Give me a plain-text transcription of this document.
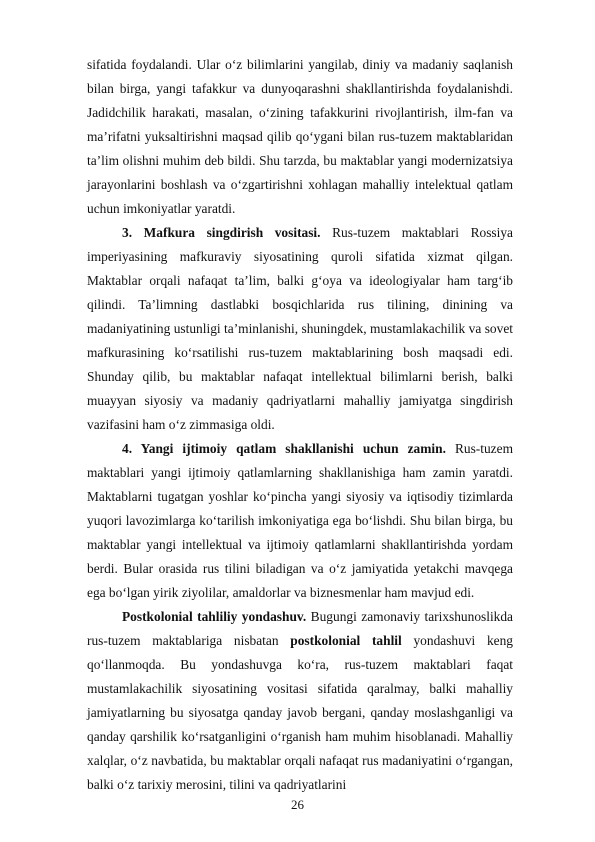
sifatida foydalandi. Ular o‘z bilimlarini yangilab, diniy va madaniy saqlanish bilan birga, yangi tafakkur va dunyoqarashni shakllantirishda foydalanishdi. Jadidchilik harakati, masalan, o‘zining tafakkurini rivojlantirish, ilm-fan va ma’rifatni yuksaltirishni maqsad qilib qo‘ygani bilan rus-tuzem maktablaridan ta’lim olishni muhim deb bildi. Shu tarzda, bu maktablar yangi modernizatsiya jarayonlarini boshlash va o‘zgartirishni xohlagan mahalliy intelektual qatlam uchun imkoniyatlar yaratdi.

3. Mafkura singdirish vositasi. Rus-tuzem maktablari Rossiya imperiyasining mafkuraviy siyosatining quroli sifatida xizmat qilgan. Maktablar orqali nafaqat ta’lim, balki g‘oya va ideologiyalar ham targ‘ib qilindi. Ta’limning dastlabki bosqichlarida rus tilining, dinining va madaniyatining ustunligi ta’minlanishi, shuningdek, mustamlakachilik va sovet mafkurasining ko‘rsatilishi rus-tuzem maktablarining bosh maqsadi edi. Shunday qilib, bu maktablar nafaqat intellektual bilimlarni berish, balki muayyan siyosiy va madaniy qadriyatlarni mahalliy jamiyatga singdirish vazifasini ham o‘z zimmasiga oldi.

4. Yangi ijtimoiy qatlam shakllanishi uchun zamin. Rus-tuzem maktablari yangi ijtimoiy qatlamlarning shakllanishiga ham zamin yaratdi. Maktablarni tugatgan yoshlar ko‘pincha yangi siyosiy va iqtisodiy tizimlarda yuqori lavozimlarga ko‘tarilish imkoniyatiga ega bo‘lishdi. Shu bilan birga, bu maktablar yangi intellektual va ijtimoiy qatlamlarni shakllantirishda yordam berdi. Bular orasida rus tilini biladigan va o‘z jamiyatida yetakchi mavqega ega bo‘lgan yirik ziyolilar, amaldorlar va biznesmenlar ham mavjud edi.

Postkolonial tahliliy yondashuv. Bugungi zamonaviy tarixshunoslikda rus-tuzem maktablariga nisbatan postkolonial tahlil yondashuvi keng qo‘llanmoqda. Bu yondashuvga ko‘ra, rus-tuzem maktablari faqat mustamlakachilik siyosatining vositasi sifatida qaralmay, balki mahalliy jamiyatlarning bu siyosatga qanday javob bergani, qanday moslashganligi va qanday qarshilik ko‘rsatganligini o‘rganish ham muhim hisoblanadi. Mahalliy xalqlar, o‘z navbatida, bu maktablar orqali nafaqat rus madaniyatini o‘rgangan, balki o‘z tarixiy merosini, tilini va qadriyatlarini

26
